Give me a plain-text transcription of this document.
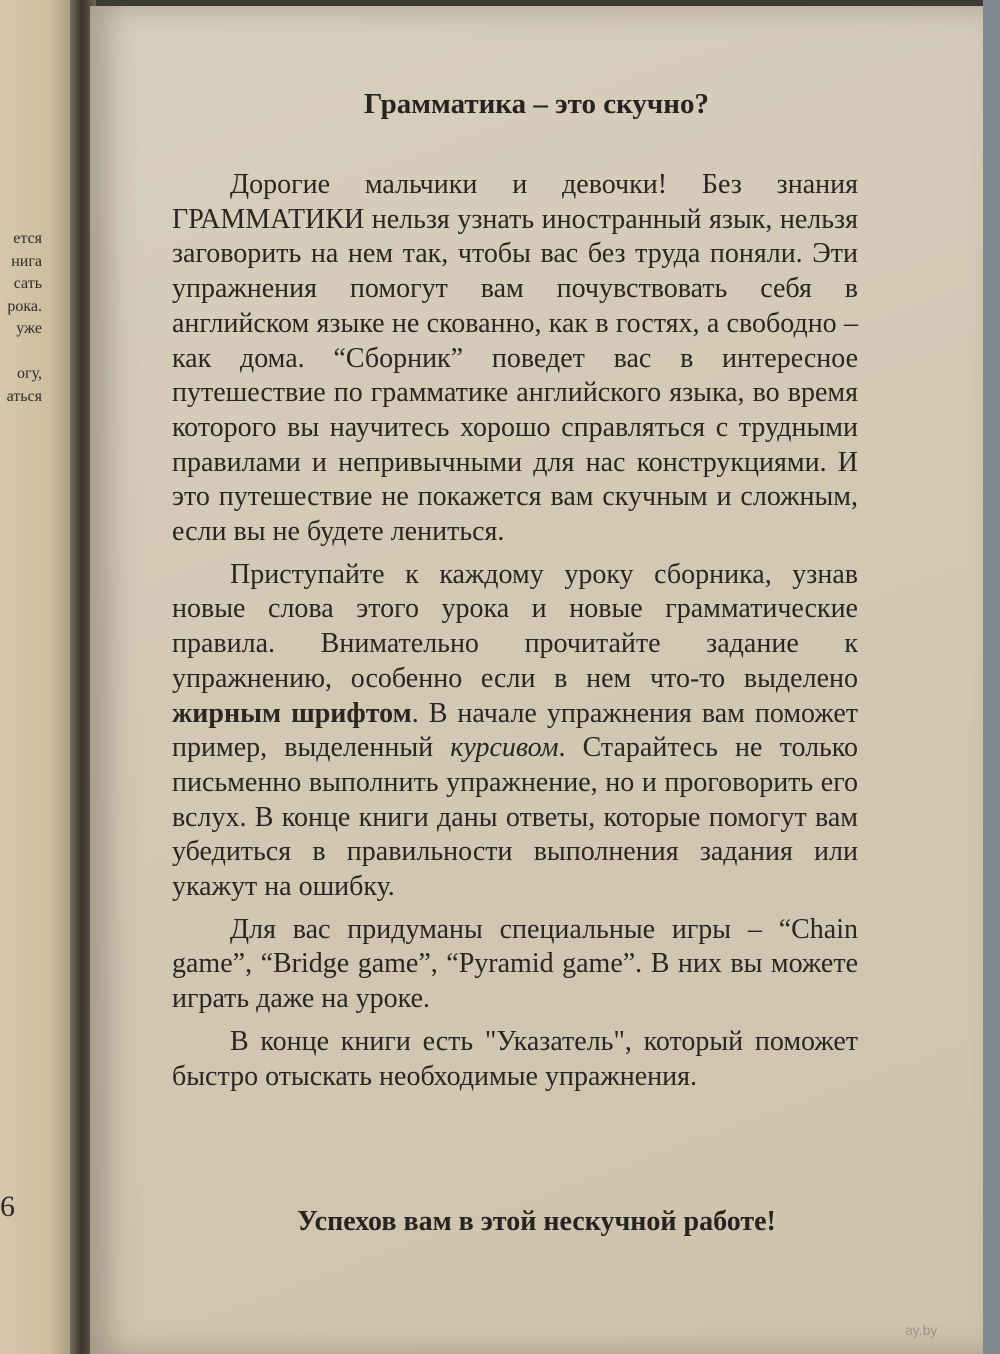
ется
нига
сать
рока.
уже
огу,
аться
6
Грамматика – это скучно?

Дорогие мальчики и девочки! Без знания ГРАММАТИКИ нельзя узнать иностранный язык, нельзя заговорить на нем так, чтобы вас без труда поняли. Эти упражнения помогут вам почувствовать себя в английском языке не скованно, как в гостях, а свободно – как дома. “Сборник” поведет вас в интересное путешествие по грамматике английского языка, во время которого вы научитесь хорошо справляться с трудными правилами и непривычными для нас конструкциями. И это путешествие не покажется вам скучным и сложным, если вы не будете лениться.

Приступайте к каждому уроку сборника, узнав новые слова этого урока и новые грамматические правила. Внимательно прочитайте задание к упражнению, особенно если в нем что-то выделено жирным шрифтом. В начале упражнения вам поможет пример, выделенный курсивом. Старайтесь не только письменно выполнить упражнение, но и проговорить его вслух. В конце книги даны ответы, которые помогут вам убедиться в правильности выполнения задания или укажут на ошибку.

Для вас придуманы специальные игры – “Chain game”, “Bridge game”, “Pyramid game”. В них вы можете играть даже на уроке.

В конце книги есть "Указатель", который поможет быстро отыскать необходимые упражнения.

Успехов вам в этой нескучной работе!
ay.by
